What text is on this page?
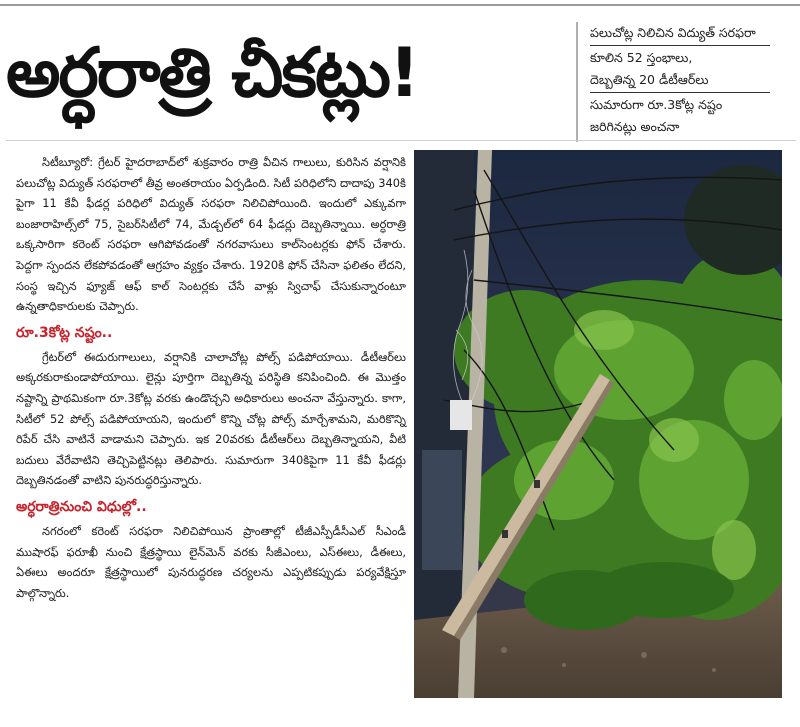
అర్ధరాత్రి చీకట్లు!
పలుచోట్ల నిలిచిన విద్యుత్ సరఫరా
కూలిన 52 స్తంభాలు,
దెబ్బతిన్న 20 డీటీఆర్‌లు
సుమారుగా రూ.3కోట్ల నష్టం
జరిగినట్లు అంచనా

సిటీబ్యూరో: గ్రేటర్ హైదరాబాద్‌లో శుక్రవారం రాత్రి వీచిన గాలులు, కురిసిన వర్షానికి పలుచోట్ల విద్యుత్ సరఫరాలో తీవ్ర అంతరాయం ఏర్పడింది. సిటీ పరిధిలోని దాదాపు 340కి పైగా 11 కేవీ ఫీడర్ల పరిధిలో విద్యుత్ సరఫరా నిలిచిపోయింది. ఇందులో ఎక్కువగా బంజారాహిల్స్‌లో 75, సైబర్‌సిటీలో 74, మేడ్చల్‌లో 64 ఫీడర్లు దెబ్బతిన్నాయి. అర్ధరాత్రి ఒక్కసారిగా కరెంట్ సరఫరా ఆగిపోవడంతో నగరవాసులు కాల్‌సెంటర్లకు ఫోన్ చేశారు. పెద్దగా స్పందన లేకపోవడంతో ఆగ్రహం వ్యక్తం చేశారు. 1920కి ఫోన్ చేసినా ఫలితం లేదని, సంస్థ ఇచ్చిన ఫ్యూజ్ ఆఫ్ కాల్ సెంటర్లకు చేసే వాళ్లు స్విచాఫ్ చేసుకున్నారంటూ ఉన్నతాధికారులకు చెప్పారు.

రూ.3కోట్ల నష్టం..

గ్రేటర్‌లో ఈదురుగాలులు, వర్షానికి చాలాచోట్ల పోల్స్ పడిపోయాయి. డీటీఆర్‌లు అక్కరకురాకుండాపోయాయి. లైన్లు పూర్తిగా దెబ్బతిన్న పరిస్థితి కనిపించింది. ఈ మొత్తం నష్టాన్ని ప్రాథమికంగా రూ.3కోట్ల వరకు ఉండొచ్చని అధికారులు అంచనా వేస్తున్నారు. కాగా, సిటీలో 52 పోల్స్ పడిపోయాయని, ఇందులో కొన్ని చోట్ల పోల్స్ మార్చేశామని, మరికొన్ని రిపేర్ చేసి వాటినే వాడామని చెప్పారు. ఇక 20వరకు డీటీఆర్‌లు దెబ్బతిన్నాయని, వీటి బదులు వేరేవాటిని తెచ్చిపెట్టినట్లు తెలిపారు. సుమారుగా 340కిపైగా 11 కేవీ ఫీడర్లు దెబ్బతినడంతో వాటిని పునరుద్ధరిస్తున్నారు.

అర్ధరాత్రినుంచి విధుల్లో..

నగరంలో కరెంట్ సరఫరా నిలిచిపోయిన ప్రాంతాల్లో టీజీఎస్పీడీసీఎల్ సీఎండీ ముషారఫ్ ఫరూఖీ నుంచి క్షేత్రస్థాయి లైన్‌మెన్ వరకు సీజీఎంలు, ఎస్ఈలు, డీఈలు, ఏఈలు అందరూ క్షేత్రస్థాయిలో పునరుద్ధరణ చర్యలను ఎప్పటికప్పుడు పర్యవేక్షిస్తూ పాల్గొన్నారు.
